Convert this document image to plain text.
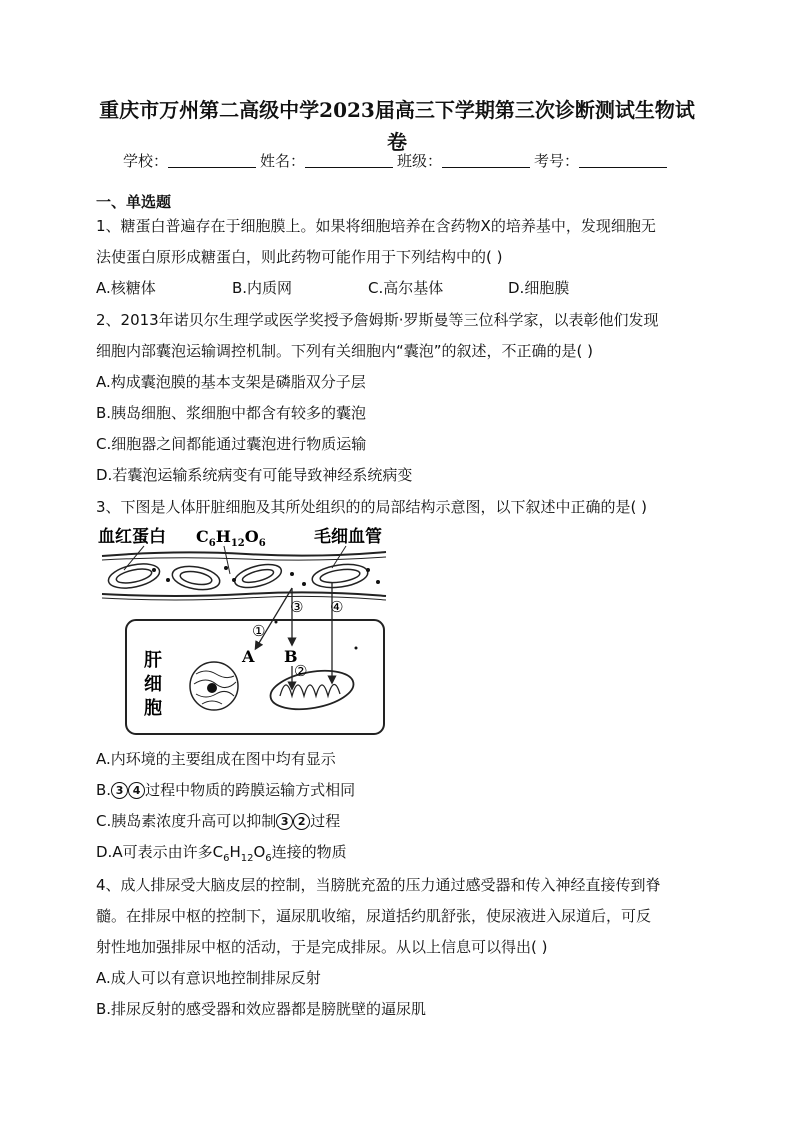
重庆市万州第二高级中学2023届高三下学期第三次诊断测试生物试
卷
学校：	姓名：	班级：	考号：
一、单选题
1、糖蛋白普遍存在于细胞膜上。如果将细胞培养在含药物X的培养基中，发现细胞无
法使蛋白原形成糖蛋白，则此药物可能作用于下列结构中的( )
A.核糖体	B.内质网	C.高尔基体	D.细胞膜
2、2013年诺贝尔生理学或医学奖授予詹姆斯·罗斯曼等三位科学家，以表彰他们发现
细胞内部囊泡运输调控机制。下列有关细胞内“囊泡”的叙述，不正确的是( )
A.构成囊泡膜的基本支架是磷脂双分子层
B.胰岛细胞、浆细胞中都含有较多的囊泡
C.细胞器之间都能通过囊泡进行物质运输
D.若囊泡运输系统病变有可能导致神经系统病变
3、下图是人体肝脏细胞及其所处组织的的局部结构示意图，以下叙述中正确的是( )
血红蛋白 $C_6H_{12}O_6$	毛细血管
肝
细
胞
①
③ ④
②
A B
A.内环境的主要组成在图中均有显示
B. 3 4 过程中物质的跨膜运输方式相同
C.胰岛素浓度升高可以抑制 3 2 过程
D.A可表示由许多$C_6H_{12}O_6$连接的物质
4、成人排尿受大脑皮层的控制，当膀胱充盈的压力通过感受器和传入神经直接传到脊
髓。在排尿中枢的控制下，逼尿肌收缩，尿道括约肌舒张，使尿液进入尿道后，可反
射性地加强排尿中枢的活动，于是完成排尿。从以上信息可以得出( )
A.成人可以有意识地控制排尿反射
B.排尿反射的感受器和效应器都是膀胱壁的逼尿肌
